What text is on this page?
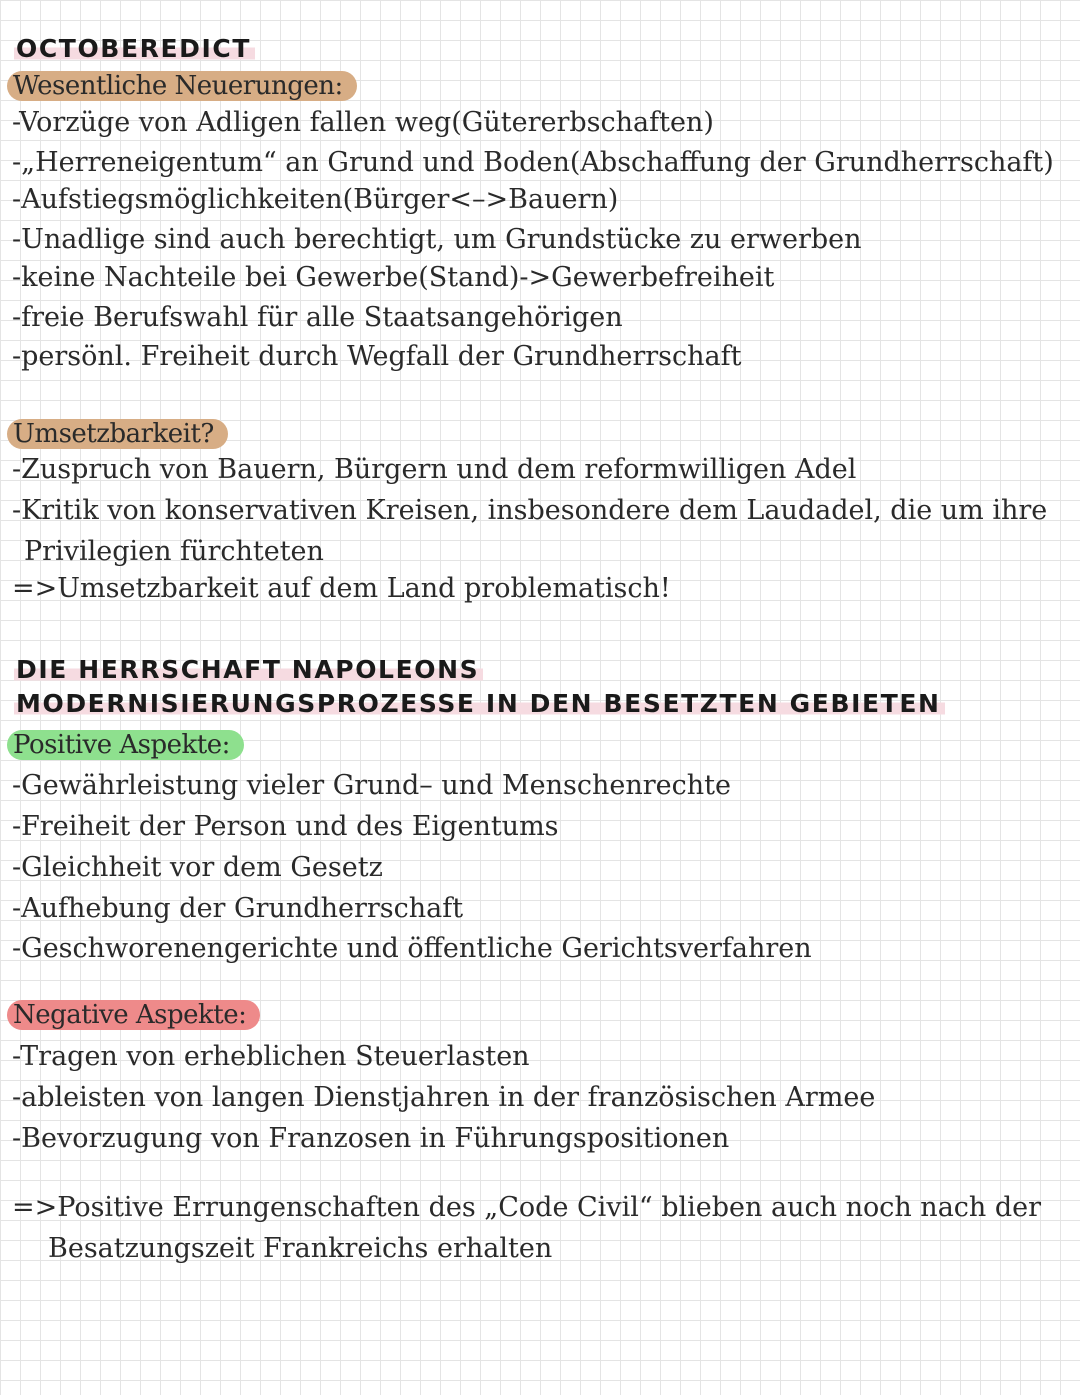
OCTOBEREDICT
Wesentliche Neuerungen:
-Vorzüge von Adligen fallen weg(Gütererbschaften)
-„Herreneigentum“ an Grund und Boden(Abschaffung der Grundherrschaft)
-Aufstiegsmöglichkeiten(Bürger<–>Bauern)
-Unadlige sind auch berechtigt, um Grundstücke zu erwerben
-keine Nachteile bei Gewerbe(Stand)->Gewerbefreiheit
-freie Berufswahl für alle Staatsangehörigen
-persönl. Freiheit durch Wegfall der Grundherrschaft
Umsetzbarkeit?
-Zuspruch von Bauern, Bürgern und dem reformwilligen Adel
-Kritik von konservativen Kreisen, insbesondere dem Laudadel, die um ihre
Privilegien fürchteten
=>Umsetzbarkeit auf dem Land problematisch!
DIE HERRSCHAFT NAPOLEONS
MODERNISIERUNGSPROZESSE IN DEN BESETZTEN GEBIETEN
Positive Aspekte:
-Gewährleistung vieler Grund– und Menschenrechte
-Freiheit der Person und des Eigentums
-Gleichheit vor dem Gesetz
-Aufhebung der Grundherrschaft
-Geschworenengerichte und öffentliche Gerichtsverfahren
Negative Aspekte:
-Tragen von erheblichen Steuerlasten
-ableisten von langen Dienstjahren in der französischen Armee
-Bevorzugung von Franzosen in Führungspositionen
=>Positive Errungenschaften des „Code Civil“ blieben auch noch nach der
Besatzungszeit Frankreichs erhalten
